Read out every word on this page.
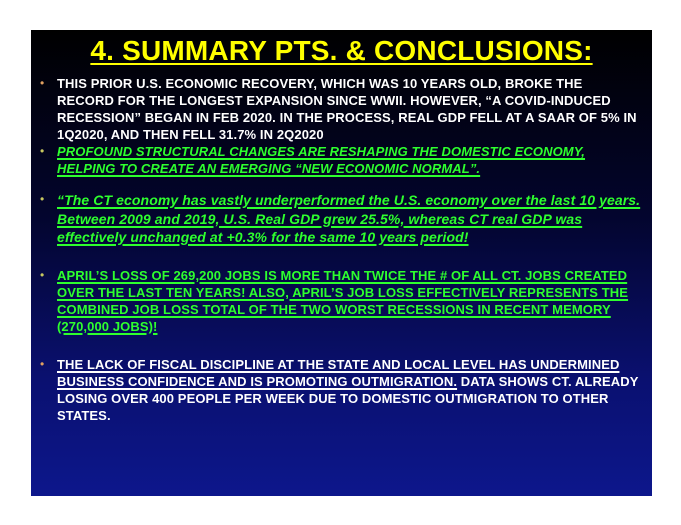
4. SUMMARY PTS. & CONCLUSIONS:
• THIS PRIOR U.S. ECONOMIC RECOVERY, WHICH WAS 10 YEARS OLD, BROKE THE RECORD FOR THE LONGEST EXPANSION SINCE WWII. HOWEVER, “A COVID-INDUCED RECESSION” BEGAN IN FEB 2020. IN THE PROCESS, REAL GDP FELL AT A SAAR OF 5% IN 1Q2020, AND THEN FELL 31.7% IN 2Q2020
• PROFOUND STRUCTURAL CHANGES ARE RESHAPING THE DOMESTIC ECONOMY, HELPING TO CREATE AN EMERGING “NEW ECONOMIC NORMAL”.
• “The CT economy has vastly underperformed the U.S. economy over the last 10 years. Between 2009 and 2019, U.S. Real GDP grew 25.5%, whereas CT real GDP was effectively unchanged at +0.3% for the same 10 years period!
• APRIL’S LOSS OF 269,200 JOBS IS MORE THAN TWICE THE # OF ALL CT. JOBS CREATED OVER THE LAST TEN YEARS! ALSO, APRIL’S JOB LOSS EFFECTIVELY REPRESENTS THE COMBINED JOB LOSS TOTAL OF THE TWO WORST RECESSIONS IN RECENT MEMORY (270,000 JOBS)!
• THE LACK OF FISCAL DISCIPLINE AT THE STATE AND LOCAL LEVEL HAS UNDERMINED BUSINESS CONFIDENCE AND IS PROMOTING OUTMIGRATION. DATA SHOWS CT. ALREADY LOSING OVER 400 PEOPLE PER WEEK DUE TO DOMESTIC OUTMIGRATION TO OTHER STATES.
